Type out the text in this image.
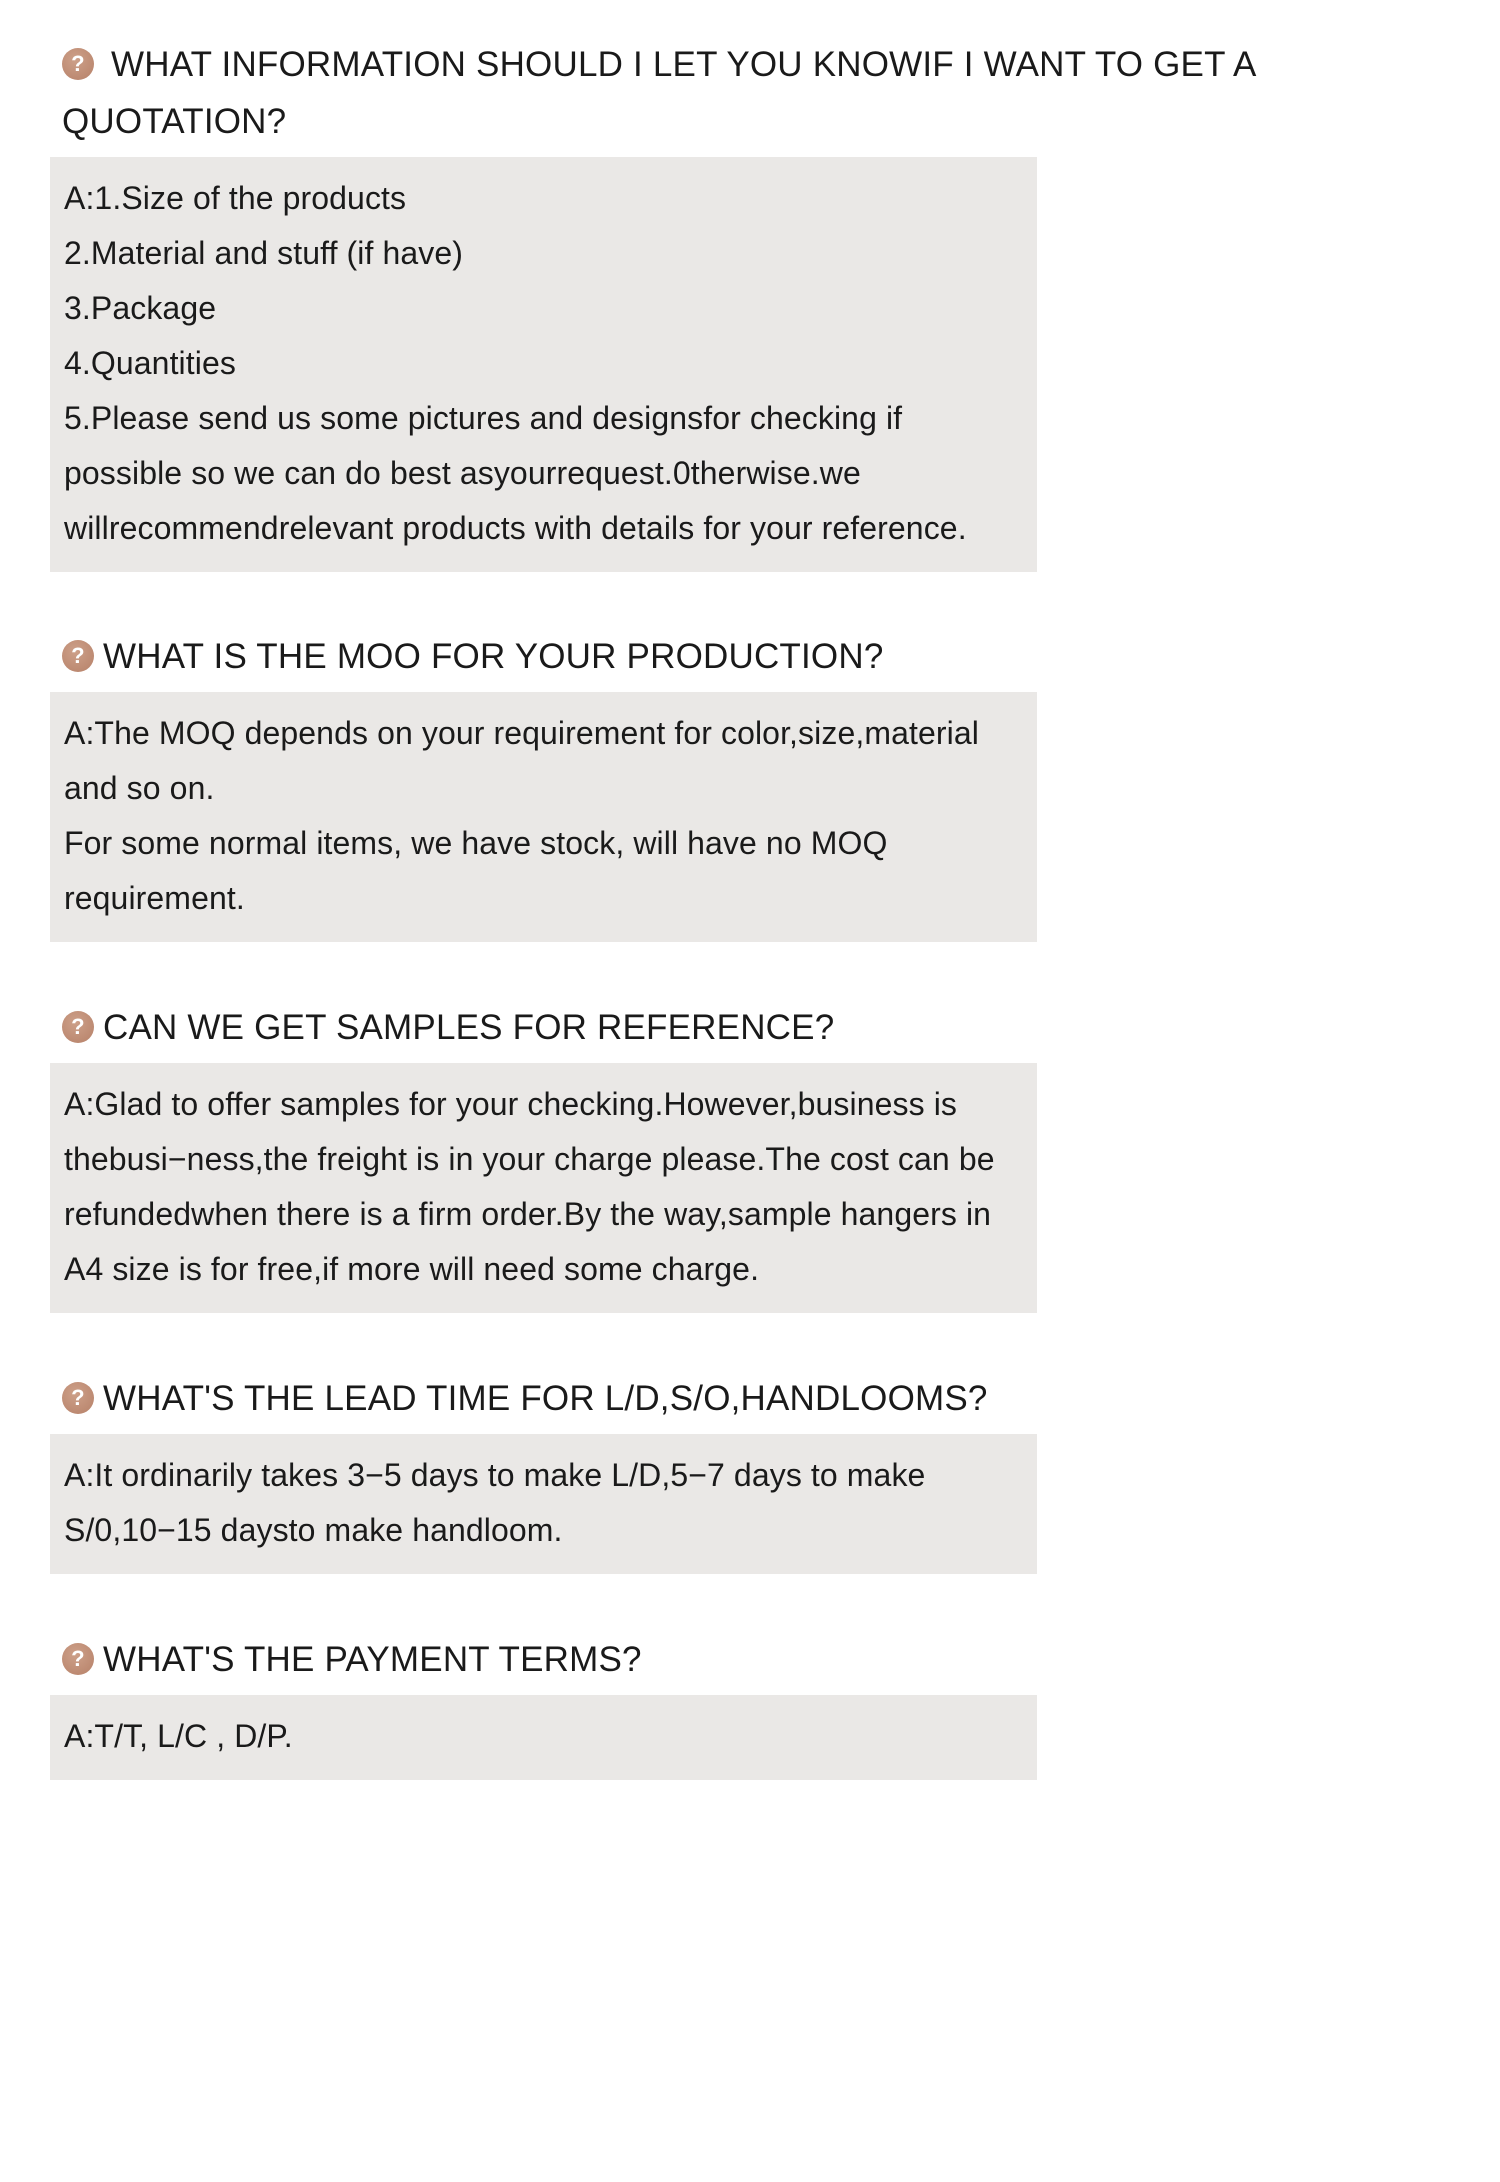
?WHAT INFORMATION SHOULD I LET YOU KNOWIF I WANT TO GET A QUOTATION?

A:1.Size of the products

2.Material and stuff (if have)

3.Package

4.Quantities

5.Please send us some pictures and designsfor checking if possible so we can do best asyourrequest.0therwise.we willrecommendrelevant products with details for your reference.

?WHAT IS THE MOO FOR YOUR PRODUCTION?

A:The MOQ depends on your requirement for color,size,material and so on.

For some normal items, we have stock, will have no MOQ requirement.

?CAN WE GET SAMPLES FOR REFERENCE?

A:Glad to offer samples for your checking.However,business is thebusi−ness,the freight is in your charge please.The cost can be refundedwhen there is a firm order.By the way,sample hangers in A4 size is for free,if more will need some charge.

?WHAT'S THE LEAD TIME FOR L/D,S/O,HANDLOOMS?

A:It ordinarily takes 3−5 days to make L/D,5−7 days to make S/0,10−15 daysto make handloom.

?WHAT'S THE PAYMENT TERMS?

A:T/T, L/C , D/P.
